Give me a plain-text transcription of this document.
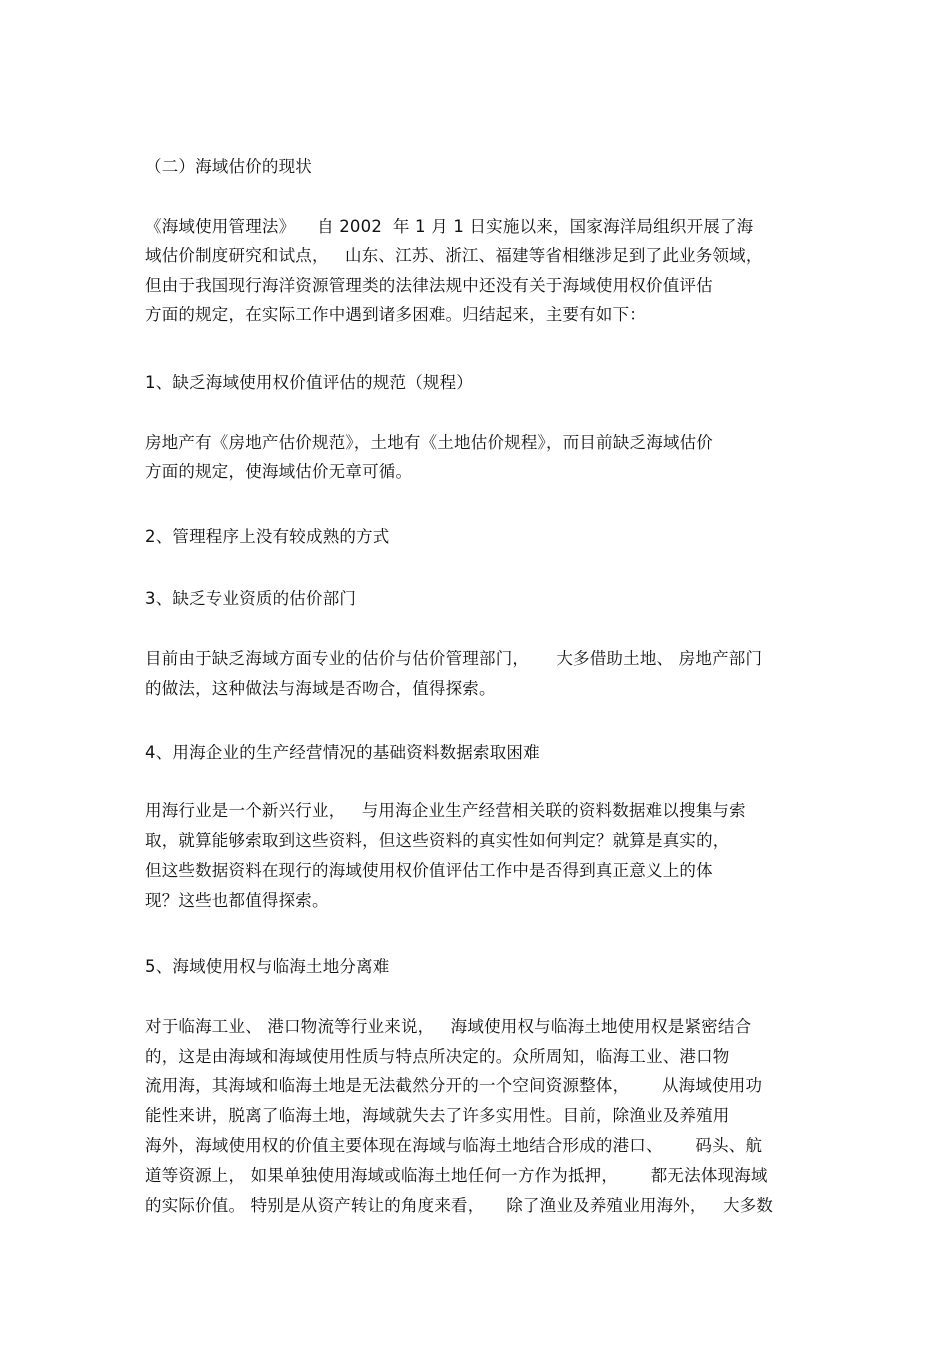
（二）海域估价的现状
《海域使用管理法》    自 2002  年 1 月 1 日实施以来，国家海洋局组织开展了海
域估价制度研究和试点，   山东、江苏、浙江、福建等省相继涉足到了此业务领域，
但由于我国现行海洋资源管理类的法律法规中还没有关于海域使用权价值评估
方面的规定，在实际工作中遇到诸多困难。归结起来，主要有如下：
1、缺乏海域使用权价值评估的规范（规程）
房地产有《房地产估价规范》，土地有《土地估价规程》，而目前缺乏海域估价
方面的规定，使海域估价无章可循。
2、管理程序上没有较成熟的方式
3、缺乏专业资质的估价部门
目前由于缺乏海域方面专业的估价与估价管理部门，     大多借助土地、 房地产部门
的做法，这种做法与海域是否吻合，值得探索。
4、用海企业的生产经营情况的基础资料数据索取困难
用海行业是一个新兴行业，   与用海企业生产经营相关联的资料数据难以搜集与索
取，就算能够索取到这些资料，但这些资料的真实性如何判定？就算是真实的，
但这些数据资料在现行的海域使用权价值评估工作中是否得到真正意义上的体
现？这些也都值得探索。
5、海域使用权与临海土地分离难
对于临海工业、 港口物流等行业来说，   海域使用权与临海土地使用权是紧密结合
的，这是由海域和海域使用性质与特点所决定的。众所周知，临海工业、港口物
流用海，其海域和临海土地是无法截然分开的一个空间资源整体，      从海域使用功
能性来讲，脱离了临海土地，海域就失去了许多实用性。目前，除渔业及养殖用
海外，海域使用权的价值主要体现在海域与临海土地结合形成的港口、      码头、航
道等资源上， 如果单独使用海域或临海土地任何一方作为抵押，      都无法体现海域
的实际价值。 特别是从资产转让的角度来看，    除了渔业及养殖业用海外，   大多数
